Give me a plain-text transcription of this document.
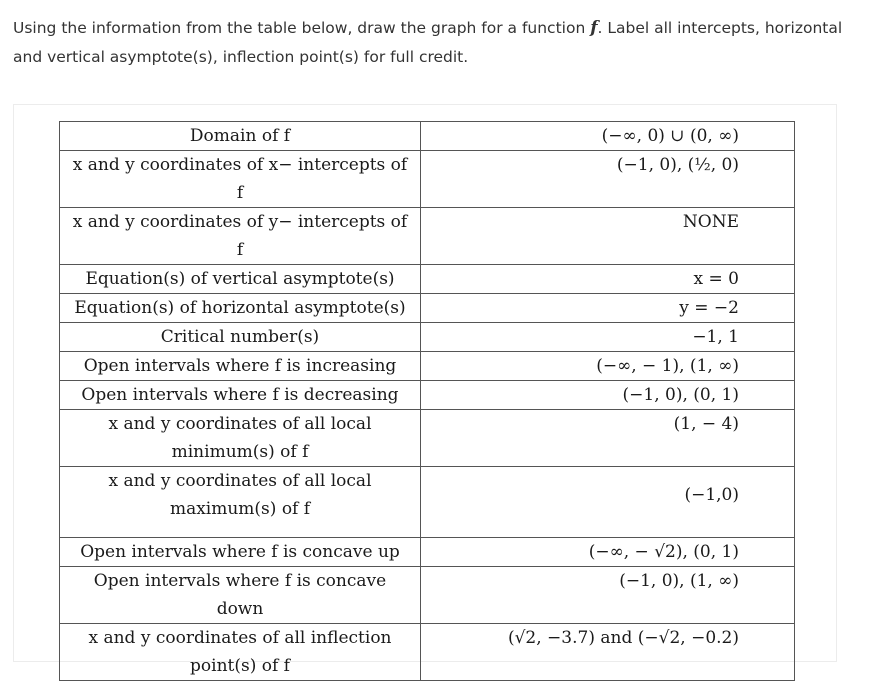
Using the information from the table below, draw the graph for a function f. Label all intercepts, horizontal and vertical asymptote(s), inflection point(s) for full credit.
Domain of f	(−∞, 0) ∪ (0, ∞)
x and y coordinates of x− intercepts of f	(−1, 0), (½, 0)
x and y coordinates of y− intercepts of f	NONE
Equation(s) of vertical asymptote(s)	x = 0
Equation(s) of horizontal asymptote(s)	y = −2
Critical number(s)	−1, 1
Open intervals where f is increasing	(−∞, − 1), (1, ∞)
Open intervals where f is decreasing	(−1, 0), (0, 1)
x and y coordinates of all local minimum(s) of f	(1, − 4)
x and y coordinates of all local maximum(s) of f	(−1,0)
Open intervals where f is concave up	(−∞, − √2), (0, 1)
Open intervals where f is concave down	(−1, 0), (1, ∞)
x and y coordinates of all inflection point(s) of f	(√2, −3.7) and (−√2, −0.2)
